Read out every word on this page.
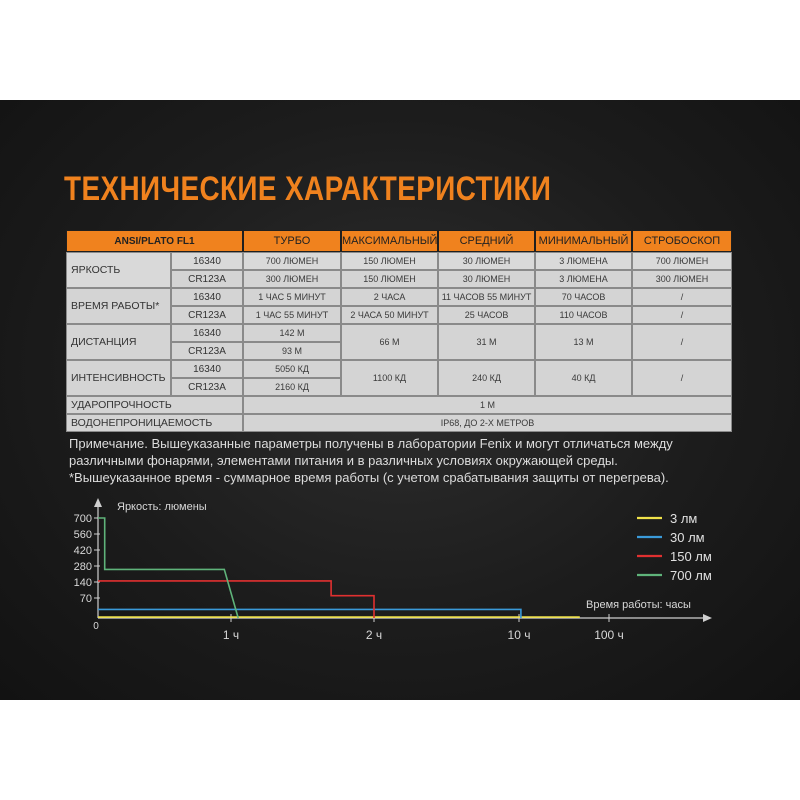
ТЕХНИЧЕСКИЕ ХАРАКТЕРИСТИКИ
ANSI/PLATO FL1		ТУРБО	МАКСИМАЛЬНЫЙ	СРЕДНИЙ	МИНИМАЛЬНЫЙ	СТРОБОСКОП
ЯРКОСТЬ	16340	700 ЛЮМЕН	150 ЛЮМЕН	30 ЛЮМЕН	3 ЛЮМЕНА	700 ЛЮМЕН
	CR123A	300 ЛЮМЕН	150 ЛЮМЕН	30 ЛЮМЕН	3 ЛЮМЕНА	300 ЛЮМЕН
ВРЕМЯ РАБОТЫ*	16340	1 ЧАС 5 МИНУТ	2 ЧАСА	11 ЧАСОВ 55 МИНУТ	70 ЧАСОВ	/
	CR123A	1 ЧАС 55 МИНУТ	2 ЧАСА 50 МИНУТ	25 ЧАСОВ	110 ЧАСОВ	/
ДИСТАНЦИЯ	16340	142 М	66 М	31 М	13 М	/
	CR123A	93 М				
ИНТЕНСИВНОСТЬ	16340	5050 КД	1100 КД	240 КД	40 КД	/
	CR123A	2160 КД				
УДАРОПРОЧНОСТЬ		1 М				
ВОДОНЕПРОНИЦАЕМОСТЬ		IP68, ДО 2-Х МЕТРОВ				

Примечание. Вышеуказанные параметры получены в лаборатории Fenix и могут отличаться между различными фонарями, элементами питания и в различных условиях окружающей среды.

*Вышеуказанное время - суммарное время работы (с учетом срабатывания защиты от перегрева).

Яркость: люмены
Время работы: часы
700
560
420
280
140
70
0
1 ч	2 ч	10 ч	100 ч
3 лм
30 лм
150 лм
700 лм
